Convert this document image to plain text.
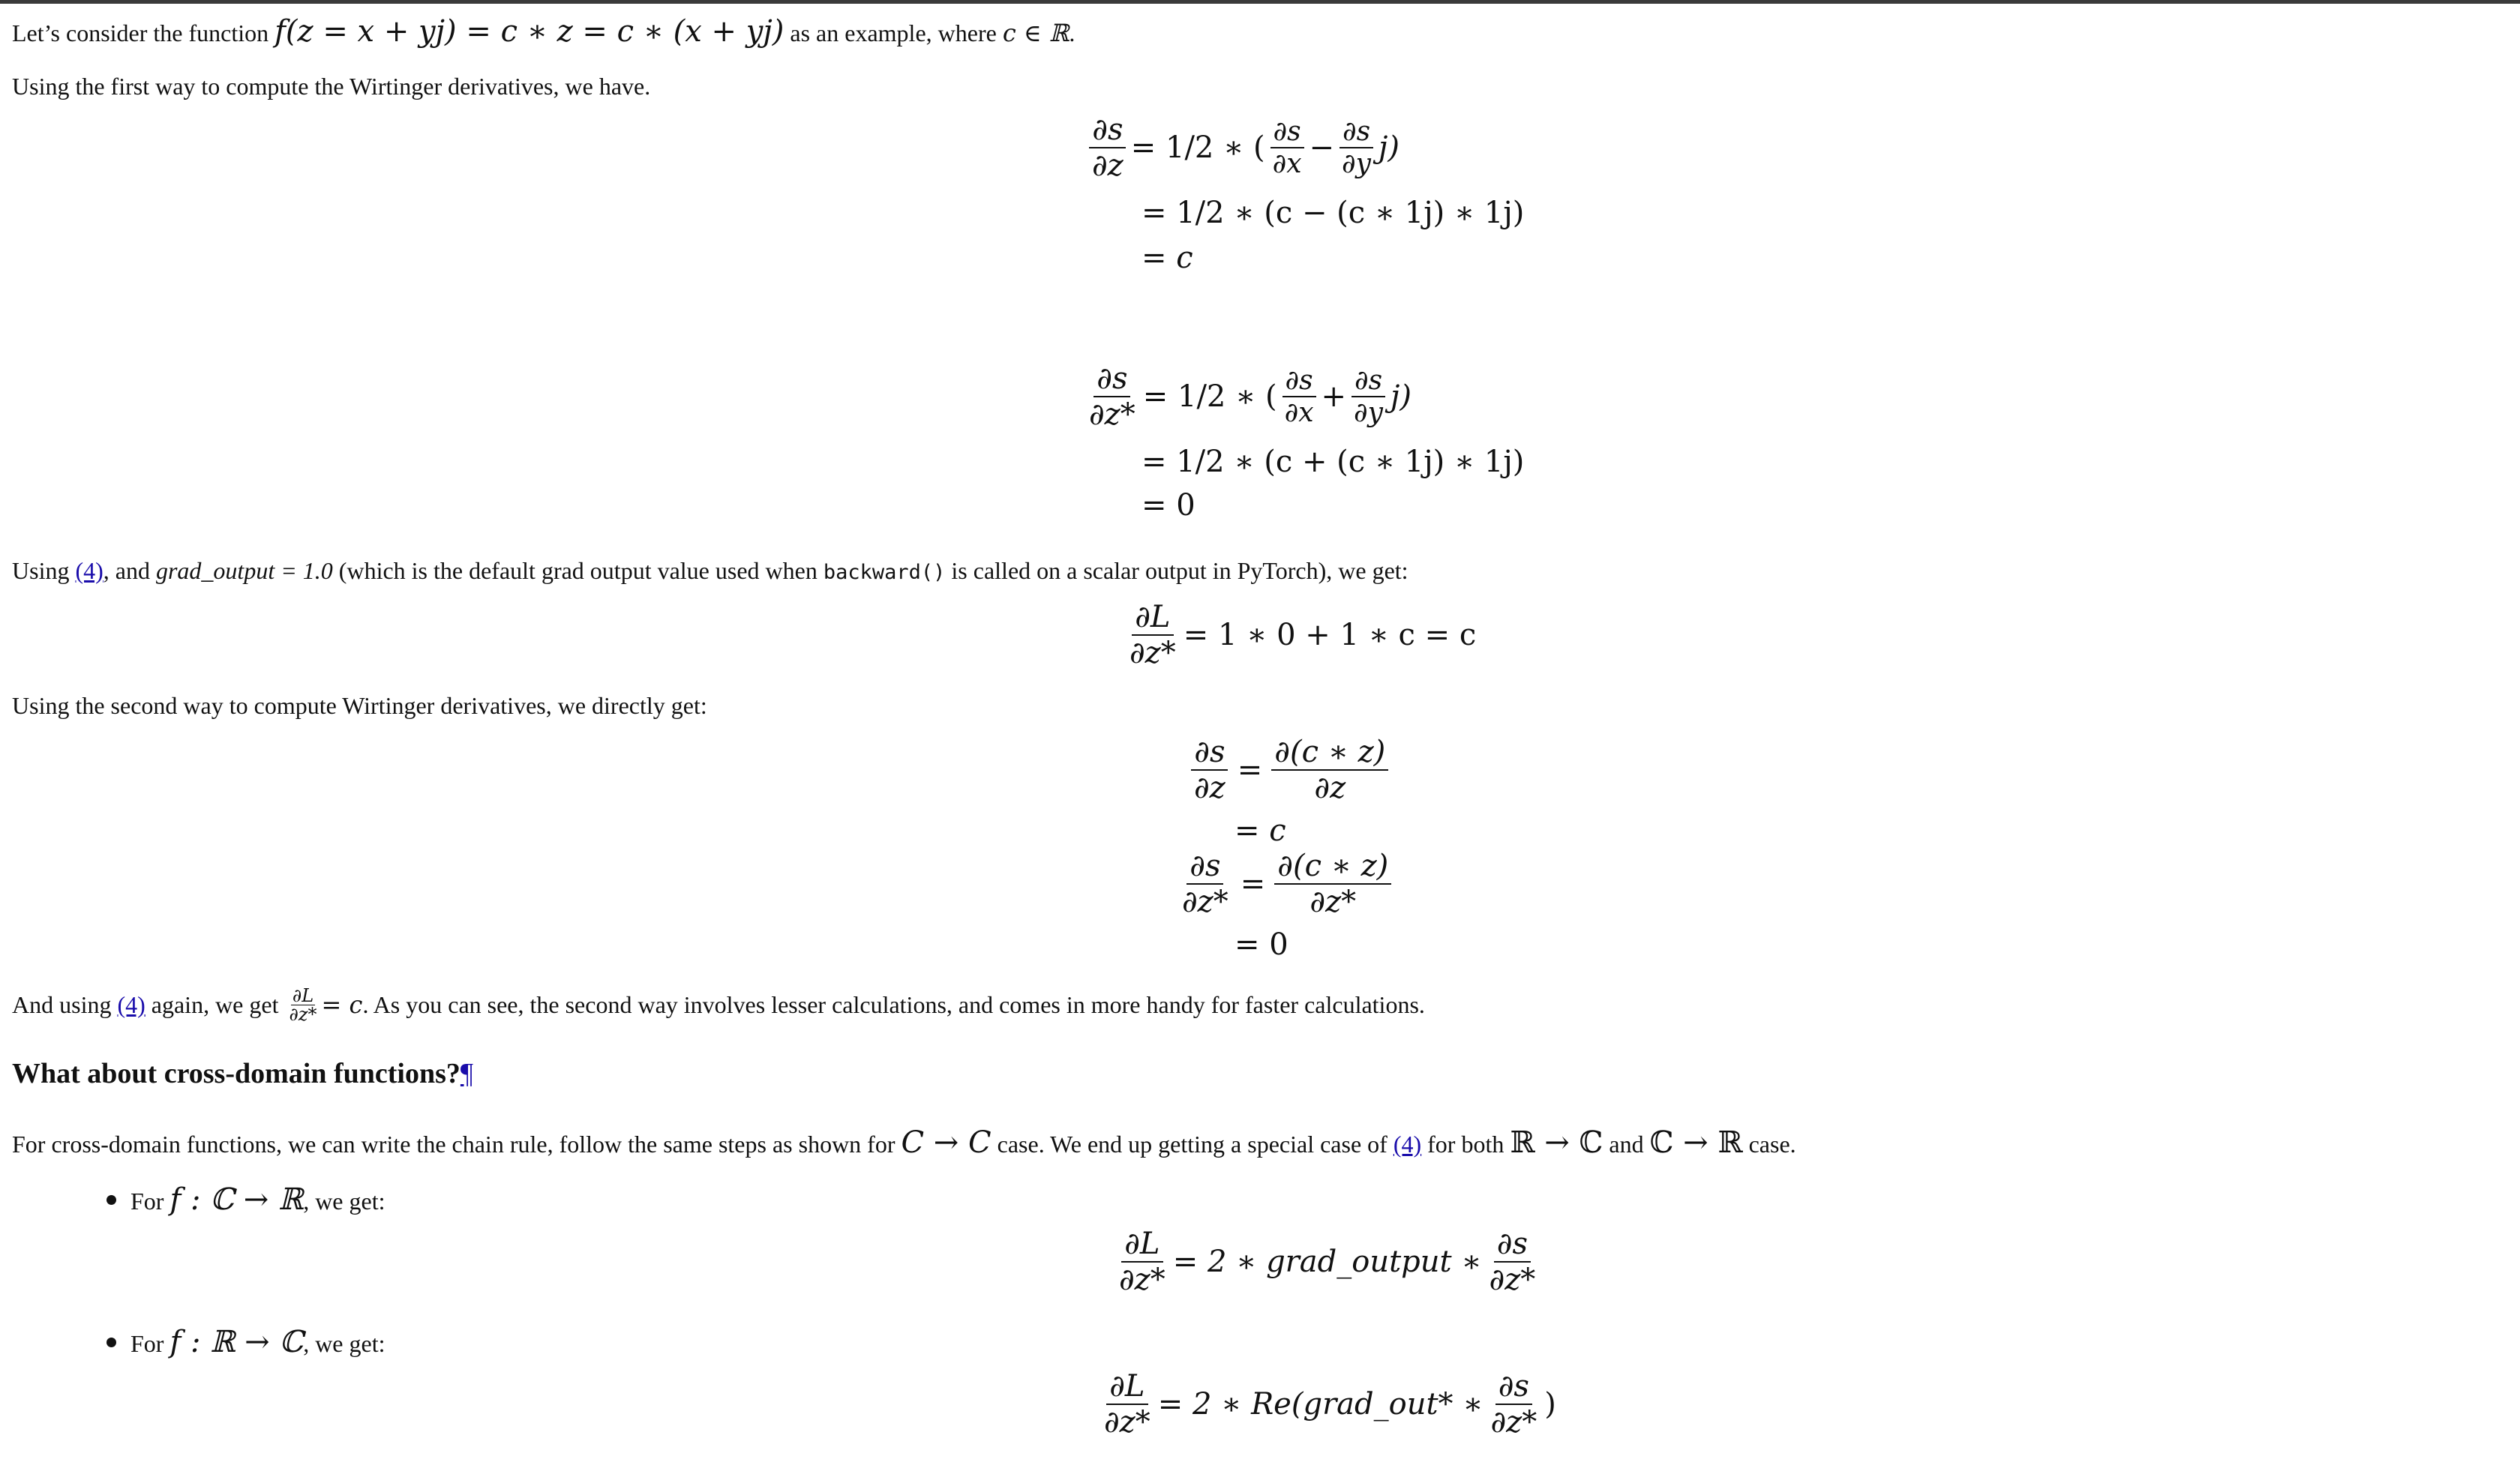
Let’s consider the function f(z = x + yj) = c ∗ z = c ∗ (x + yj) as an example, where c ∈ ℝ.
Using the first way to compute the Wirtinger derivatives, we have.
$\frac{\partial s}{\partial z} = 1/2$ ∗ ( $\frac{\partial s}{\partial x} - \frac{\partial s}{\partial y} j$)
= 1/2 ∗ (c − (c ∗ 1j) ∗ 1j)
= c
$\frac{\partial s}{\partial z*} = 1/2$ ∗ ( $\frac{\partial s}{\partial x} + \frac{\partial s}{\partial y} j$)
= 1/2 ∗ (c + (c ∗ 1j) ∗ 1j)
= 0
Using (4), and grad_output = 1.0 (which is the default grad output value used when backward() is called on a scalar output in PyTorch), we get:
$\frac{\partial L}{\partial z*} = 1$ ∗ 0 + 1 ∗ c = c
Using the second way to compute Wirtinger derivatives, we directly get:
$\frac{\partial s}{\partial z} = \frac{\partial(c ∗ z)}{\partial z}$
= c
$\frac{\partial s}{\partial z*} = \frac{\partial(c ∗ z)}{\partial z*}$
= 0
And using
(4)
again, we get
$\frac{\partial L}{\partial z*} = c$ . As you can see, the second way involves lesser calculations, and comes in more handy for faster calculations.
What about cross-domain functions?¶
For cross-domain functions, we can write the chain rule, follow the same steps as shown for C → C case. We end up getting a special case of (4) for both ℝ → ℂ and ℂ → ℝ case.
For f : ℂ → ℝ, we get:
$\frac{\partial L}{\partial z*} = 2$ ∗ grad_output ∗ $\frac{\partial s}{\partial z*}$
For f : ℝ → ℂ, we get:
$\frac{\partial L}{\partial z*} = 2$ ∗ Re(grad_out* ∗ $\frac{\partial s}{\partial z*}$ )
